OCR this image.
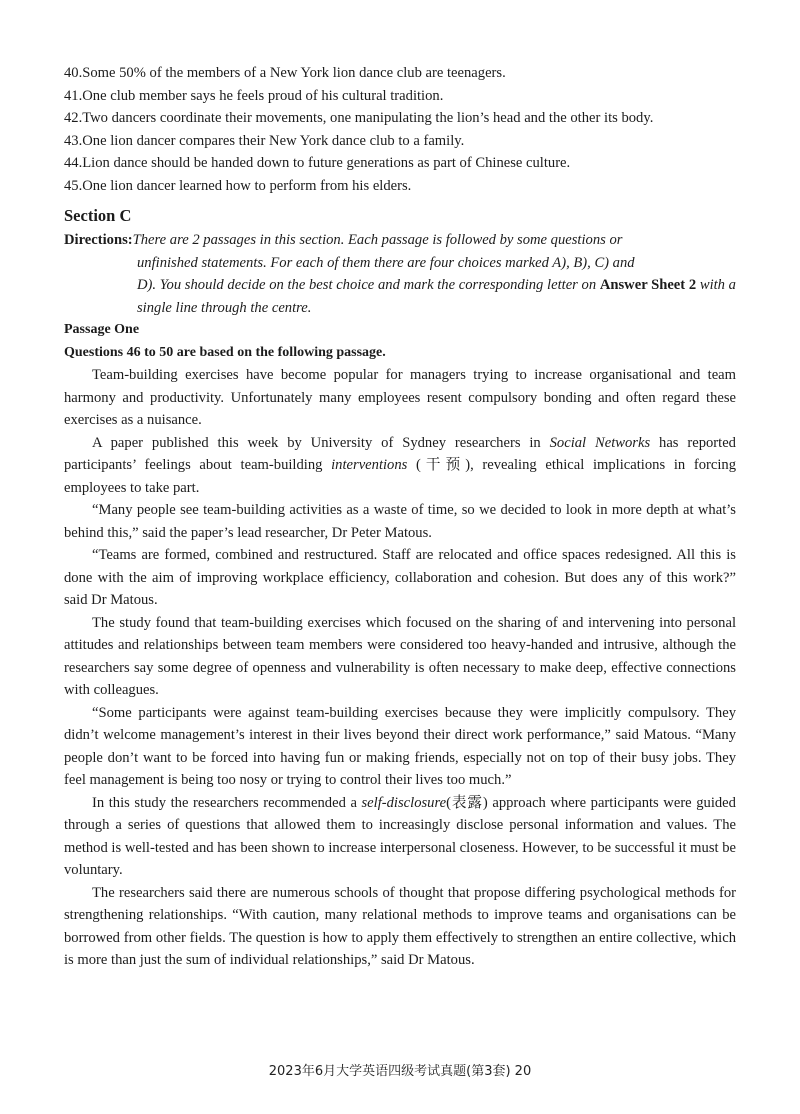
40. Some 50% of the members of a New York lion dance club are teenagers.
41. One club member says he feels proud of his cultural tradition.
42. Two dancers coordinate their movements, one manipulating the lion’s head and the other its body.
43. One lion dancer compares their New York dance club to a family.
44. Lion dance should be handed down to future generations as part of Chinese culture.
45. One lion dancer learned how to perform from his elders.
Section C
Directions: There are 2 passages in this section. Each passage is followed by some questions or
unfinished statements. For each of them there are four choices marked A), B), C) and
D). You should decide on the best choice and mark the corresponding letter on Answer Sheet 2 with a single line through the centre.
Passage One
Questions 46 to 50 are based on the following passage.

Team-building exercises have become popular for managers trying to increase organisational and team harmony and productivity. Unfortunately many employees resent compulsory bonding and often regard these exercises as a nuisance.

A paper published this week by University of Sydney researchers in Social Networks has reported participants’ feelings about team-building interventions (干预), revealing ethical implications in forcing employees to take part.

“Many people see team-building activities as a waste of time, so we decided to look in more depth at what’s behind this,” said the paper’s lead researcher, Dr Peter Matous.

“Teams are formed, combined and restructured. Staff are relocated and office spaces redesigned. All this is done with the aim of improving workplace efficiency, collaboration and cohesion. But does any of this work?” said Dr Matous.

The study found that team-building exercises which focused on the sharing of and intervening into personal attitudes and relationships between team members were considered too heavy-handed and intrusive, although the researchers say some degree of openness and vulnerability is often necessary to make deep, effective connections with colleagues.

“Some participants were against team-building exercises because they were implicitly compulsory. They didn’t welcome management’s interest in their lives beyond their direct work performance,” said Matous. “Many people don’t want to be forced into having fun or making friends, especially not on top of their busy jobs. They feel management is being too nosy or trying to control their lives too much.”

In this study the researchers recommended a self-disclosure(表露) approach where participants were guided through a series of questions that allowed them to increasingly disclose personal information and values. The method is well-tested and has been shown to increase interpersonal closeness. However, to be successful it must be voluntary.

The researchers said there are numerous schools of thought that propose differing psychological methods for strengthening relationships. “With caution, many relational methods to improve teams and organisations can be borrowed from other fields. The question is how to apply them effectively to strengthen an entire collective, which is more than just the sum of individual relationships,” said Dr Matous.

2023年6月大学英语四级考试真题(第3套) 20
